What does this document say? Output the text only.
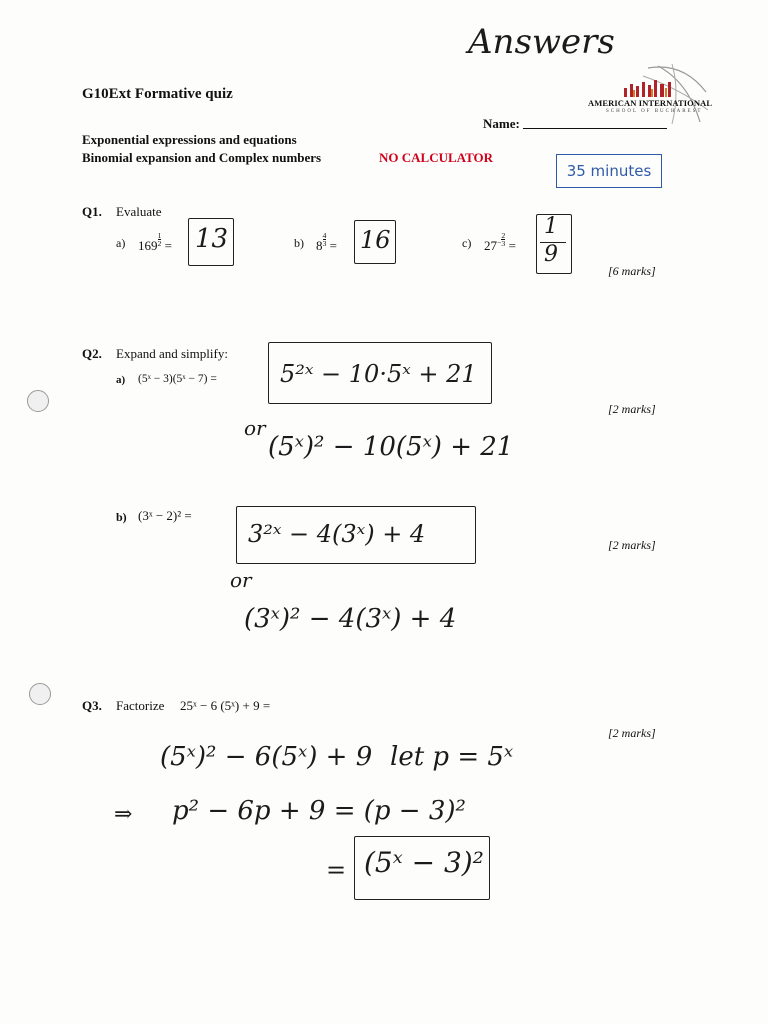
Answers
AMERICAN INTERNATIONAL
SCHOOL OF BUCHAREST
G10Ext Formative quiz
Name:
Exponential expressions and equations
Binomial expansion and Complex numbers	NO CALCULATOR
35 minutes
Q1. Evaluate
a) $169 \frac{1}{2} = 13$	b) $8 \frac{4}{3} = 16$	c) $27^- \frac{2}{3}$ =
1
9
[6 marks]
Q2. Expand and simplify:
a) (5ˣ − 3)(5ˣ − 7) =	5²ˣ − 10·5ˣ + 21
[2 marks]
or
(5ˣ)² − 10(5ˣ) + 21
b) (3ˣ − 2)² =
3²ˣ − 4(3ˣ) + 4	[2 marks]
or
(3ˣ)² − 4(3ˣ) + 4
Q3. Factorize 25ˣ − 6 (5ˣ) + 9 =
[2 marks]
(5ˣ)² − 6(5ˣ) + 9 let p = 5ˣ
⇒ p² − 6p + 9 = (p − 3)²
= (5ˣ − 3)²
